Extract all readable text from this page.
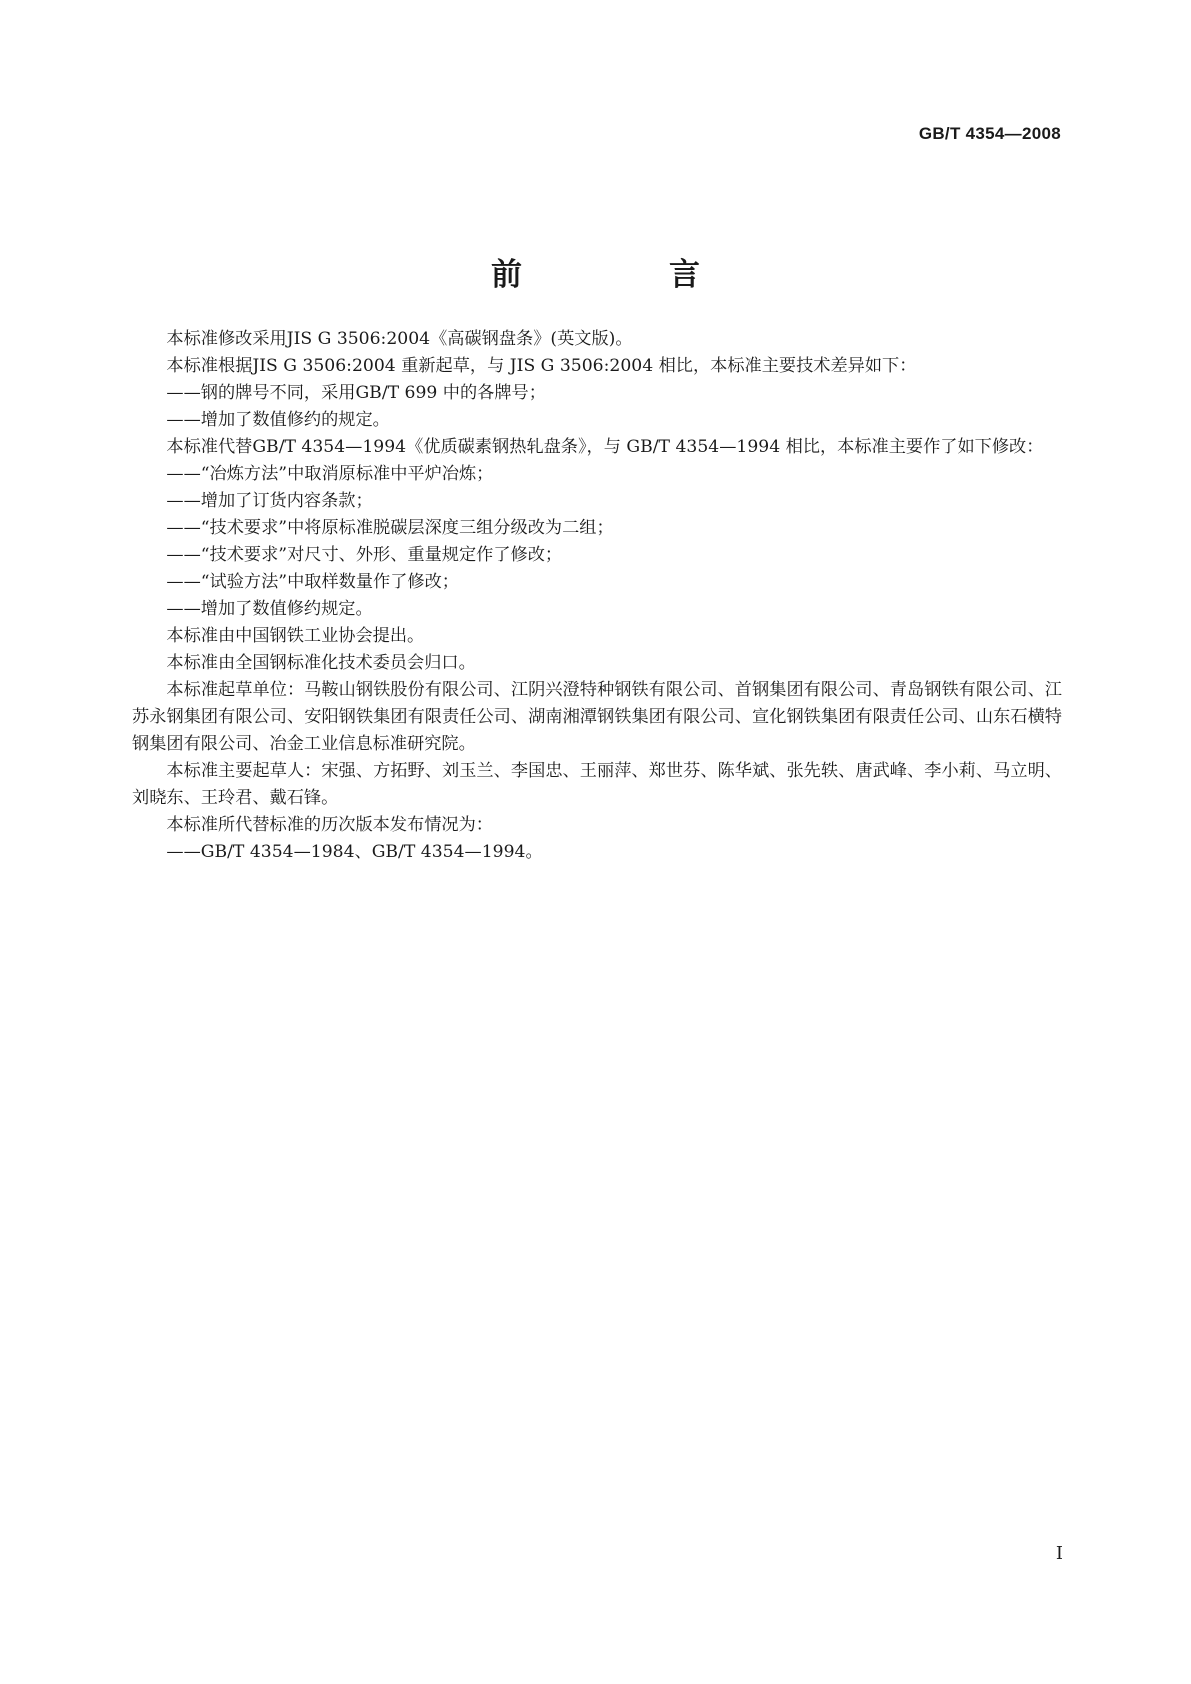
GB/T 4354—2008
前　言

本标准修改采用JIS G 3506:2004《高碳钢盘条》(英文版)。

本标准根据JIS G 3506:2004 重新起草，与 JIS G 3506:2004 相比，本标准主要技术差异如下：

——钢的牌号不同，采用GB/T 699 中的各牌号；

——增加了数值修约的规定。

本标准代替GB/T 4354—1994《优质碳素钢热轧盘条》，与 GB/T 4354—1994 相比，本标准主要作了如下修改：

——“冶炼方法”中取消原标准中平炉冶炼；

——增加了订货内容条款；

——“技术要求”中将原标准脱碳层深度三组分级改为二组；

——“技术要求”对尺寸、外形、重量规定作了修改；

——“试验方法”中取样数量作了修改；

——增加了数值修约规定。

本标准由中国钢铁工业协会提出。

本标准由全国钢标准化技术委员会归口。

本标准起草单位：马鞍山钢铁股份有限公司、江阴兴澄特种钢铁有限公司、首钢集团有限公司、青岛钢铁有限公司、江苏永钢集团有限公司、安阳钢铁集团有限责任公司、湖南湘潭钢铁集团有限公司、宣化钢铁集团有限责任公司、山东石横特钢集团有限公司、冶金工业信息标准研究院。

本标准主要起草人：宋强、方拓野、刘玉兰、李国忠、王丽萍、郑世芬、陈华斌、张先轶、唐武峰、李小莉、马立明、刘晓东、王玲君、戴石锋。

本标准所代替标准的历次版本发布情况为：

——GB/T 4354—1984、GB/T 4354—1994。

I
